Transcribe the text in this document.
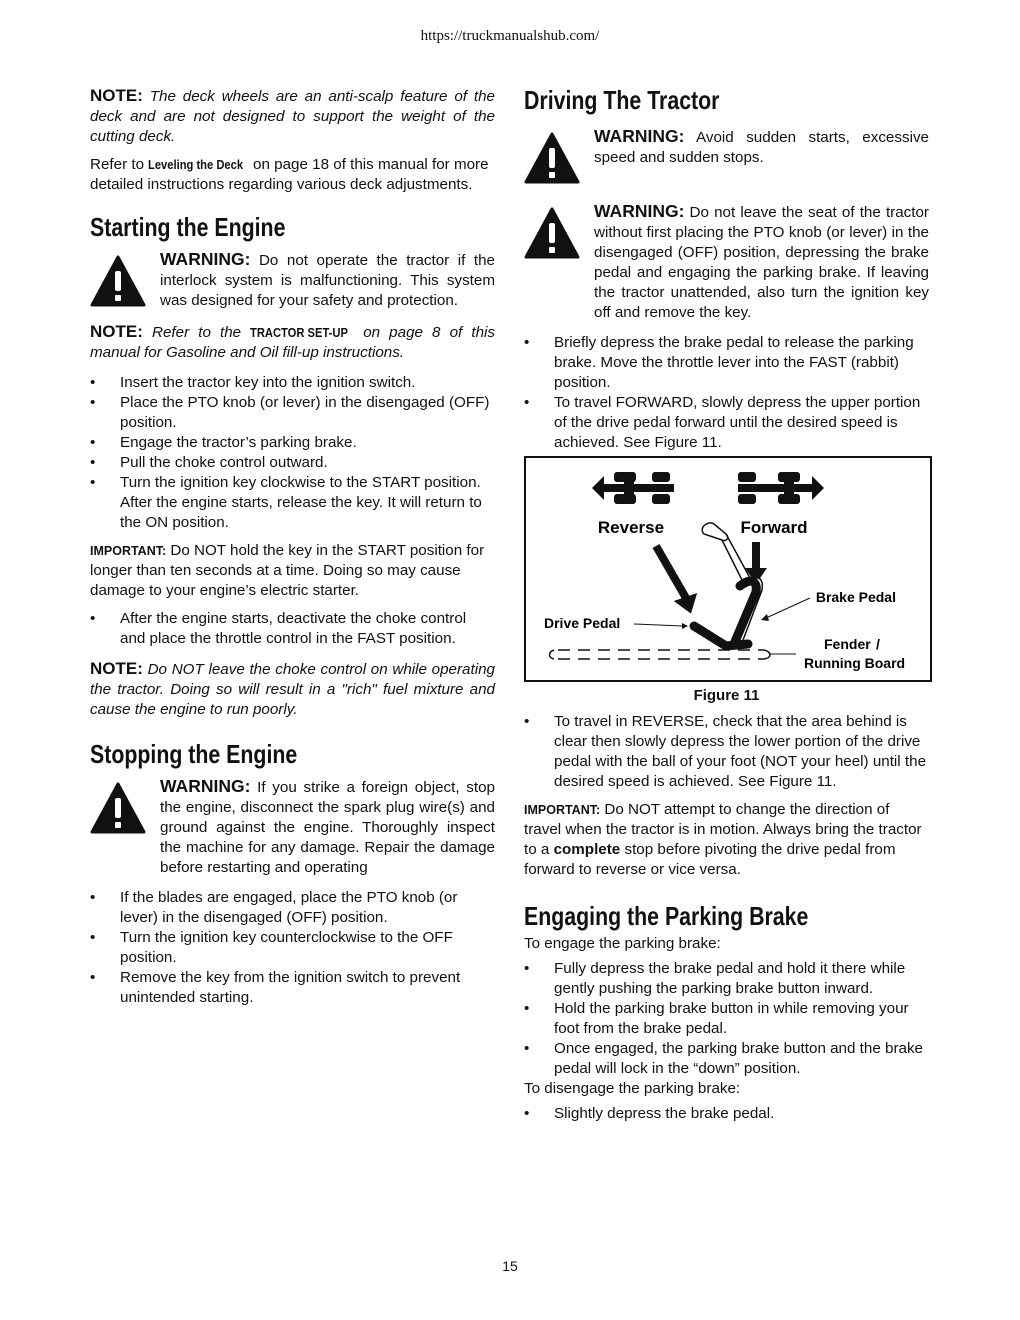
https://truckmanualshub.com/

NOTE: The deck wheels are an anti-scalp feature of the deck and are not designed to support the weight of the cutting deck.

Refer to Leveling the Deck on page 18 of this manual for more detailed instructions regarding various deck adjustments.

Starting the Engine

WARNING: Do not operate the tractor if the interlock system is malfunctioning. This system was designed for your safety and protection.

NOTE: Refer to the TRACTOR SET-UP on page 8 of this manual for Gasoline and Oil fill-up instructions.

• Insert the tractor key into the ignition switch.
• Place the PTO knob (or lever) in the disengaged (OFF) position.
• Engage the tractor’s parking brake.
• Pull the choke control outward.
• Turn the ignition key clockwise to the START position. After the engine starts, release the key. It will return to the ON position.

IMPORTANT: Do NOT hold the key in the START position for longer than ten seconds at a time. Doing so may cause damage to your engine’s electric starter.

• After the engine starts, deactivate the choke control and place the throttle control in the FAST position.

NOTE: Do NOT leave the choke control on while operating the tractor. Doing so will result in a "rich" fuel mixture and cause the engine to run poorly.

Stopping the Engine

WARNING: If you strike a foreign object, stop the engine, disconnect the spark plug wire(s) and ground against the engine. Thoroughly inspect the machine for any damage. Repair the damage before restarting and operating

• If the blades are engaged, place the PTO knob (or lever) in the disengaged (OFF) position.
• Turn the ignition key counterclockwise to the OFF position.
• Remove the key from the ignition switch to prevent unintended starting.
Driving The Tractor

WARNING: Avoid sudden starts, excessive speed and sudden stops.

WARNING: Do not leave the seat of the tractor without first placing the PTO knob (or lever) in the disengaged (OFF) position, depressing the brake pedal and engaging the parking brake. If leaving the tractor unattended, also turn the ignition key off and remove the key.

• Briefly depress the brake pedal to release the parking brake. Move the throttle lever into the FAST (rabbit) position.
• To travel FORWARD, slowly depress the upper portion of the drive pedal forward until the desired speed is achieved. See Figure 11.
Reverse	Forward
Brake Pedal
Drive Pedal
Fender /
Running Board
Figure 11
• To travel in REVERSE, check that the area behind is clear then slowly depress the lower portion of the drive pedal with the ball of your foot (NOT your heel) until the desired speed is achieved. See Figure 11.

IMPORTANT: Do NOT attempt to change the direction of travel when the tractor is in motion. Always bring the tractor to a complete stop before pivoting the drive pedal from forward to reverse or vice versa.

Engaging the Parking Brake

To engage the parking brake:

• Fully depress the brake pedal and hold it there while gently pushing the parking brake button inward.
• Hold the parking brake button in while removing your foot from the brake pedal.
• Once engaged, the parking brake button and the brake pedal will lock in the “down” position.

To disengage the parking brake:

• Slightly depress the brake pedal.
15
